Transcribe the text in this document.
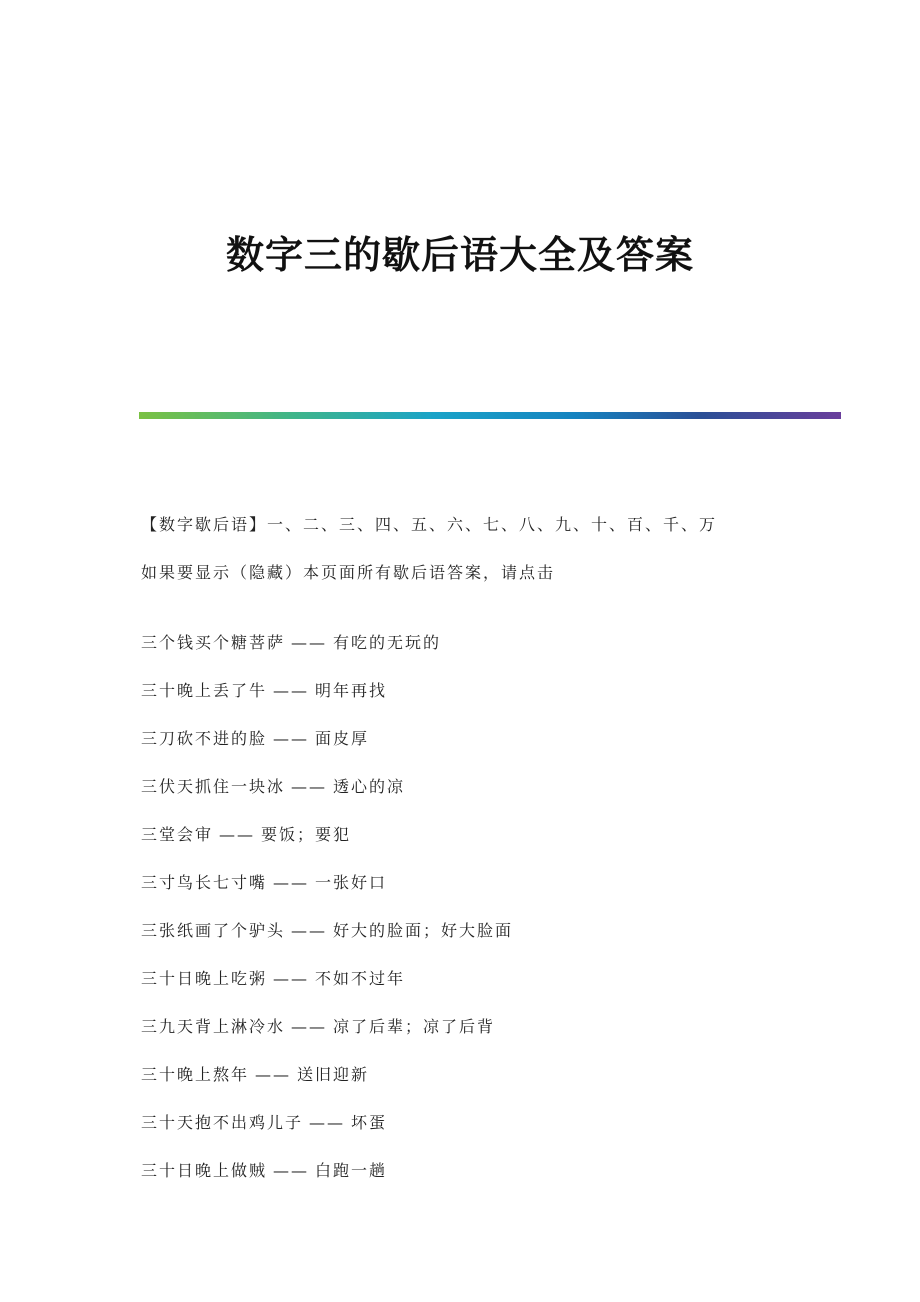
数字三的歇后语大全及答案
【数字歇后语】一、二、三、四、五、六、七、八、九、十、百、千、万
如果要显示（隐藏）本页面所有歇后语答案，请点击
三个钱买个糖菩萨 —— 有吃的无玩的
三十晚上丢了牛 —— 明年再找
三刀砍不进的脸 —— 面皮厚
三伏天抓住一块冰 —— 透心的凉
三堂会审 —— 要饭；要犯
三寸鸟长七寸嘴 —— 一张好口
三张纸画了个驴头 —— 好大的脸面；好大脸面
三十日晚上吃粥 —— 不如不过年
三九天背上淋冷水 —— 凉了后辈；凉了后背
三十晚上熬年 —— 送旧迎新
三十天抱不出鸡儿子 —— 坏蛋
三十日晚上做贼 —— 白跑一趟
